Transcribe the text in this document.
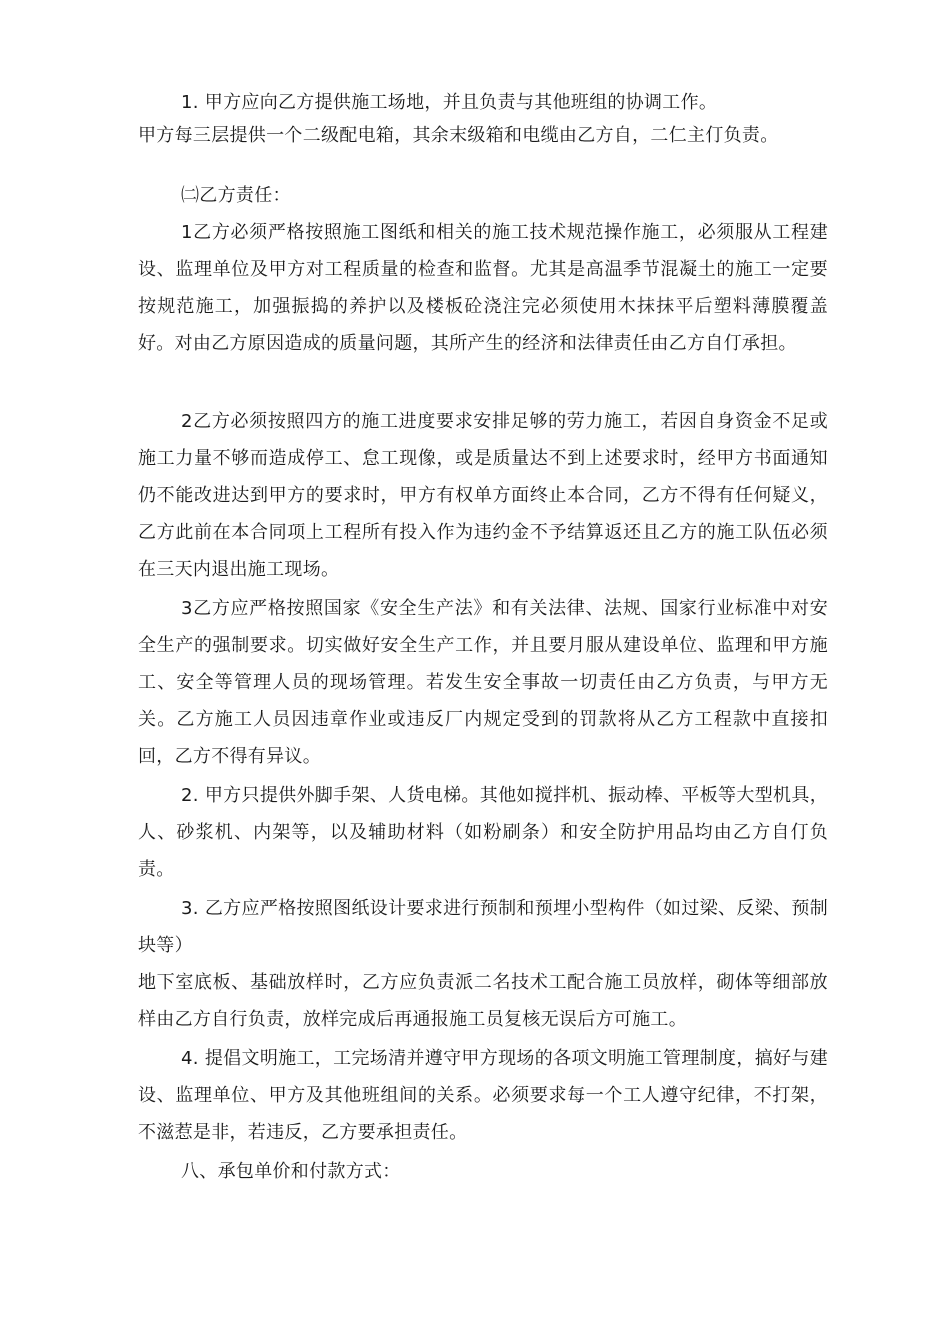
1. 甲方应向乙方提供施工场地，并且负责与其他班组的协调工作。

甲方每三层提供一个二级配电箱，其余末级箱和电缆由乙方自，二仁主仃负责。

㈡乙方责任：

1乙方必须严格按照施工图纸和相关的施工技术规范操作施工，必须服从工程建设、监理单位及甲方对工程质量的检查和监督。尤其是高温季节混凝土的施工一定要按规范施工，加强振捣的养护以及楼板砼浇注完必须使用木抹抹平后塑料薄膜覆盖好。对由乙方原因造成的质量问题，其所产生的经济和法律责任由乙方自仃承担。

2乙方必须按照四方的施工进度要求安排足够的劳力施工，若因自身资金不足或施工力量不够而造成停工、怠工现像，或是质量达不到上述要求时，经甲方书面通知仍不能改进达到甲方的要求时，甲方有权单方面终止本合同，乙方不得有任何疑义，乙方此前在本合同项上工程所有投入作为违约金不予结算返还且乙方的施工队伍必须在三天内退出施工现场。

3乙方应严格按照国家《安全生产法》和有关法律、法规、国家行业标准中对安全生产的强制要求。切实做好安全生产工作，并且要月服从建设单位、监理和甲方施工、安全等管理人员的现场管理。若发生安全事故一切责任由乙方负责，与甲方无关。乙方施工人员因违章作业或违反厂内规定受到的罚款将从乙方工程款中直接扣回，乙方不得有异议。

2. 甲方只提供外脚手架、人货电梯。其他如搅拌机、振动棒、平板等大型机具，人、砂浆机、内架等，以及辅助材料（如粉刷条）和安全防护用品均由乙方自仃负责。

3. 乙方应严格按照图纸设计要求进行预制和预埋小型构件（如过梁、反梁、预制块等）

地下室底板、基础放样时，乙方应负责派二名技术工配合施工员放样，砌体等细部放样由乙方自行负责，放样完成后再通报施工员复核无误后方可施工。

4. 提倡文明施工，工完场清并遵守甲方现场的各项文明施工管理制度，搞好与建设、监理单位、甲方及其他班组间的关系。必须要求每一个工人遵守纪律，不打架，不滋惹是非，若违反，乙方要承担责任。

八、承包单价和付款方式：
